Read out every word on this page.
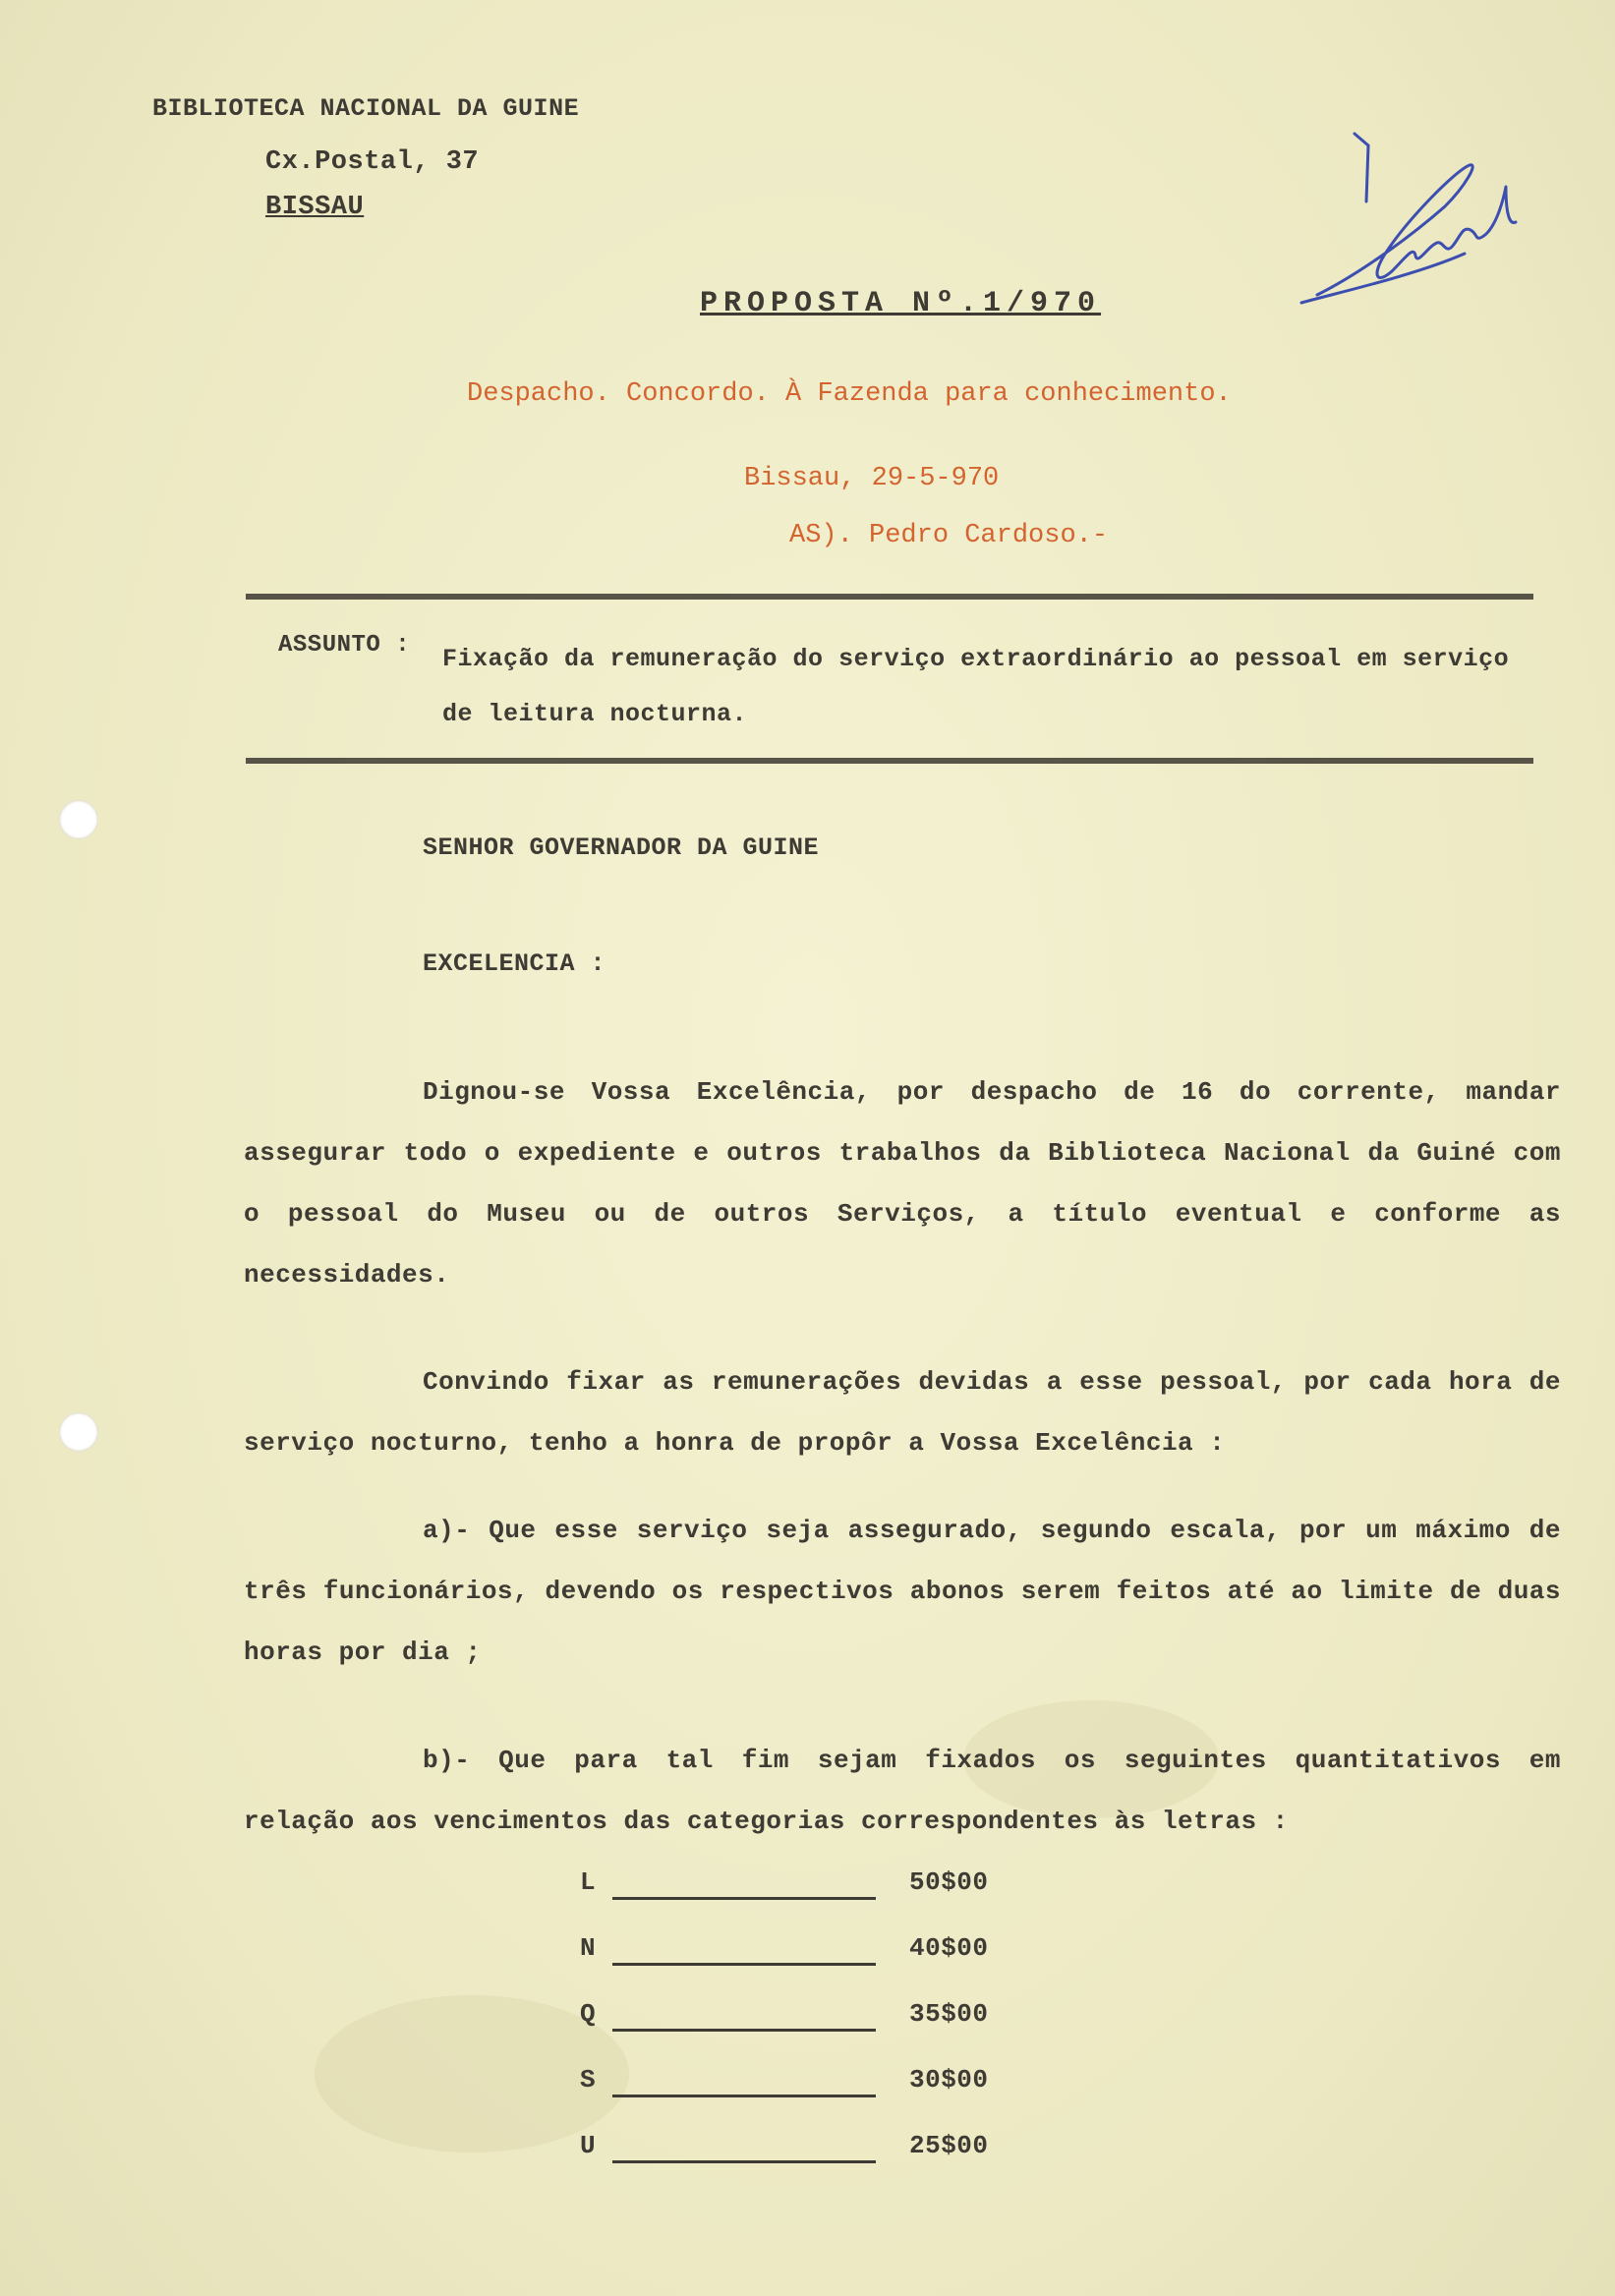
BIBLIOTECA NACIONAL DA GUINE
Cx.Postal, 37
BISSAU
PROPOSTA Nº.1/970
Despacho. Concordo. À Fazenda para conhecimento.
Bissau, 29-5-970
AS). Pedro Cardoso.-
ASSUNTO : Fixação da remuneração do serviço extraordinário ao pessoal em serviço de leitura nocturna.
SENHOR GOVERNADOR DA GUINE
EXCELENCIA :
Dignou-se Vossa Excelência, por despacho de 16 do corrente, mandar assegurar todo o expediente e outros trabalhos da Biblioteca Nacional da Guiné com o pessoal do Museu ou de outros Serviços, a título eventual e conforme as necessidades.
Convindo fixar as remunerações devidas a esse pessoal, por cada hora de serviço nocturno, tenho a honra de propôr a Vossa Excelência :
a)- Que esse serviço seja assegurado, segundo escala, por um máximo de três funcionários, devendo os respectivos abonos serem feitos até ao limite de duas horas por dia ;
b)- Que para tal fim sejam fixados os seguintes quantitativos em relação aos vencimentos das categorias correspondentes às letras :
L	50$00
N	40$00
Q	35$00
S	30$00
U	25$00
